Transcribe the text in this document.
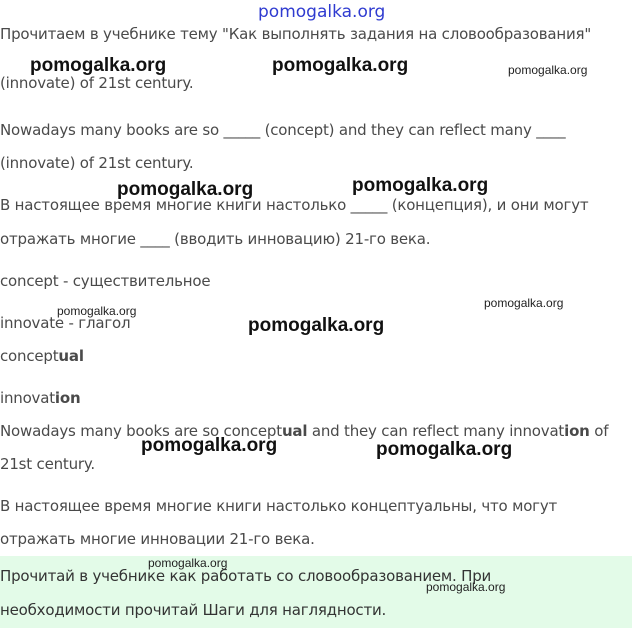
pomogalka.org
Прочитаем в учебнике тему "Как выполнять задания на словообразования"
(innovate) of 21st century.
Nowadays many books are so _____ (concept) and they can reflect many ____
(innovate) of 21st century.
В настоящее время многие книги настолько _____ (концепция), и они могут
отражать многие ____ (вводить инновацию) 21-го века.
concept - существительное
innovate - глагол
conceptual
innovation
Nowadays many books are so conceptual and they can reflect many innovation of
21st century.
В настоящее время многие книги настолько концептуальны, что могут
отражать многие инновации 21-го века.
Прочитай в учебнике как работать со словообразованием. При
необходимости прочитай Шаги для наглядности.
pomogalka.org	pomogalka.org	pomogalka.org
pomogalka.org	pomogalka.org
pomogalka.org
pomogalka.org
pomogalka.org
pomogalka.org	pomogalka.org
pomogalka.org
pomogalka.org
